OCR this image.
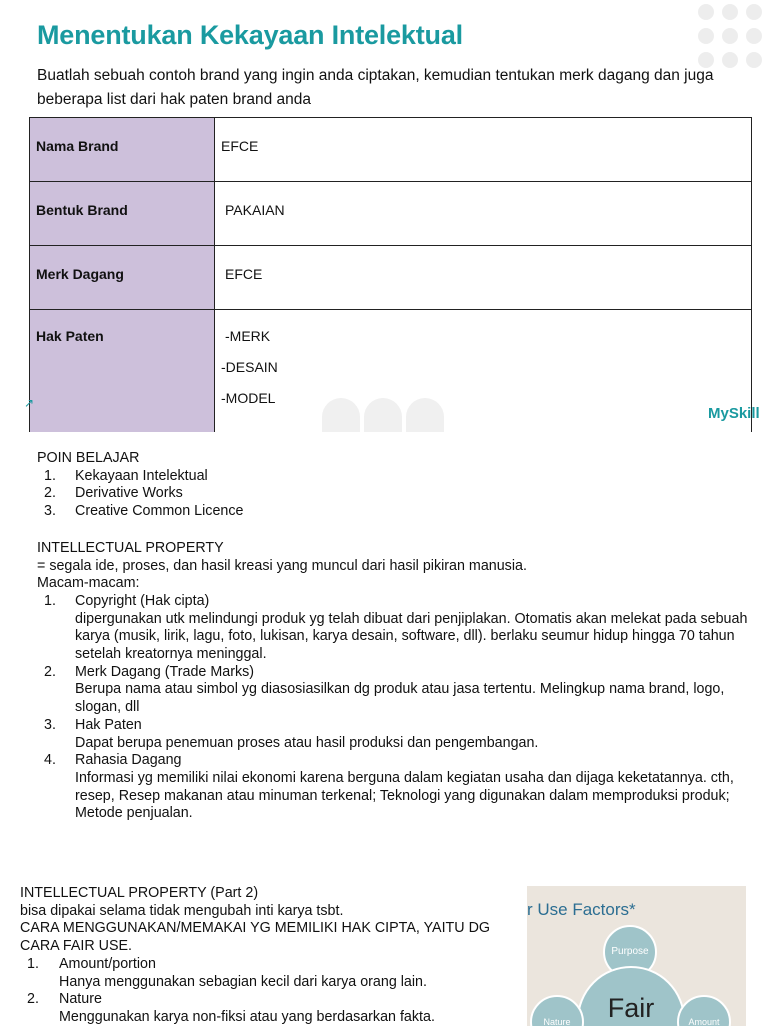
Menentukan Kekayaan Intelektual
Buatlah sebuah contoh brand yang ingin anda ciptakan, kemudian tentukan merk dagang dan juga beberapa list dari hak paten brand anda
Nama Brand	EFCE
Bentuk Brand	PAKAIAN
Merk Dagang	EFCE
Hak Paten	-MERK
-DESAIN
-MODEL
↗
MySkill

POIN BELAJAR

1. Kekayaan Intelektual
2. Derivative Works
3. Creative Common Licence

INTELLECTUAL PROPERTY

= segala ide, proses, dan hasil kreasi yang muncul dari hasil pikiran manusia.

Macam-macam:

1. Copyright (Hak cipta)
dipergunakan utk melindungi produk yg telah dibuat dari penjiplakan. Otomatis akan melekat pada sebuah karya (musik, lirik, lagu, foto, lukisan, karya desain, software, dll). berlaku seumur hidup hingga 70 tahun setelah kreatornya meninggal.
2. Merk Dagang (Trade Marks)
Berupa nama atau simbol yg diasosiasilkan dg produk atau jasa tertentu. Melingkup nama brand, logo, slogan, dll
3. Hak Paten
Dapat berupa penemuan proses atau hasil produksi dan pengembangan.
4. Rahasia Dagang
Informasi yg memiliki nilai ekonomi karena berguna dalam kegiatan usaha dan dijaga keketatannya. cth, resep, Resep makanan atau minuman terkenal; Teknologi yang digunakan dalam memproduksi produk; Metode penjualan.

INTELLECTUAL PROPERTY (Part 2)

bisa dipakai selama tidak mengubah inti karya tsbt.

CARA MENGGUNAKAN/MEMAKAI YG MEMILIKI HAK CIPTA, YAITU DG CARA FAIR USE.

1. Amount/portion
Hanya menggunakan sebagian kecil dari karya orang lain.
2. Nature
Menggunakan karya non-fiksi atau yang berdasarkan fakta.
r Use Factors*
Purpose
Fair
Nature	Amount
